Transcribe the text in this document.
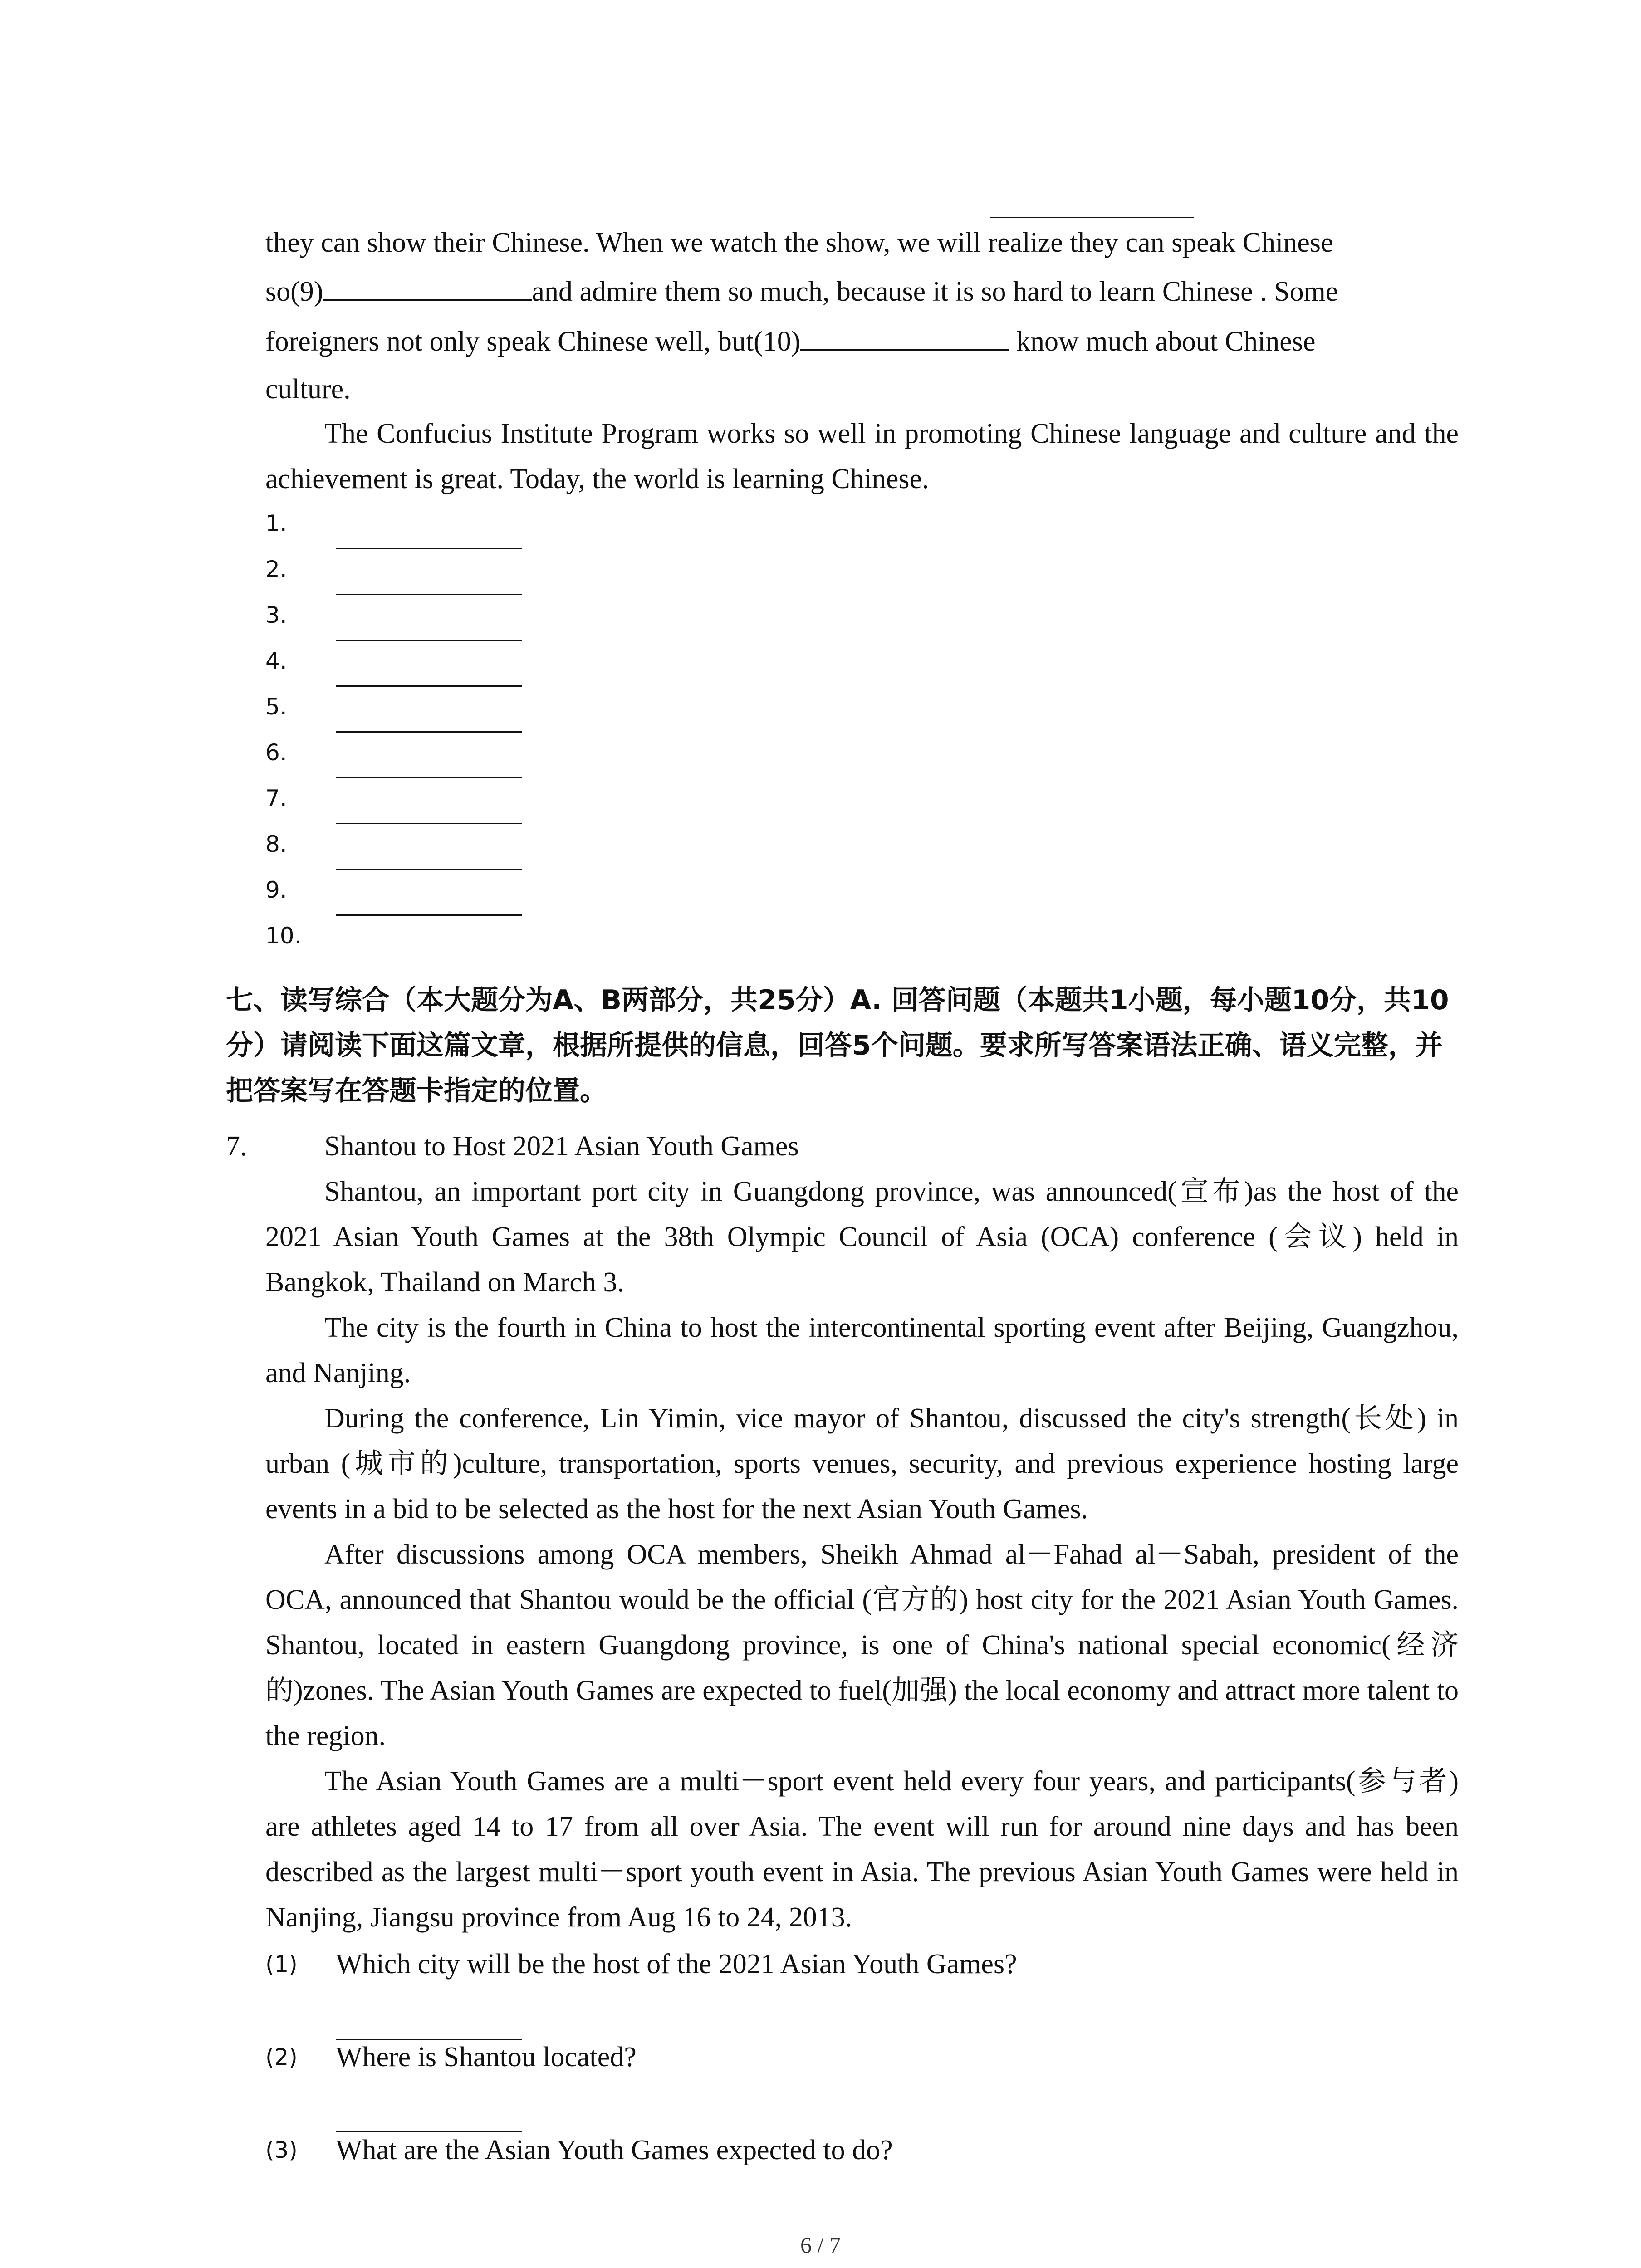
they can show their Chinese. When we watch the show, we will realize they can speak Chinese
so(9)	and admire them so much, because it is so hard to learn Chinese . Some
foreigners not only speak Chinese well, but(10)	know much about Chinese
culture.
The Confucius Institute Program works so well in promoting Chinese language and culture and the achievement is great. Today, the world is learning Chinese.
1.
2.
3.
4.
5.
6.
7.
8.
9.
10.
七、读写综合（本大题分为A、B两部分，共25分）A. 回答问题（本题共1小题，每小题10分，共10分）请阅读下面这篇文章，根据所提供的信息，回答5个问题。要求所写答案语法正确、语义完整，并把答案写在答题卡指定的位置。
7.	Shantou to Host 2021 Asian Youth Games
Shantou, an important port city in Guangdong province, was announced(宣布)as the host of the 2021 Asian Youth Games at the 38th Olympic Council of Asia (OCA) conference (会议) held in Bangkok, Thailand on March 3.
The city is the fourth in China to host the intercontinental sporting event after Beijing, Guangzhou, and Nanjing.
During the conference, Lin Yimin, vice mayor of Shantou, discussed the city's strength(长处) in urban (城市的)culture, transportation, sports venues, security, and previous experience hosting large events in a bid to be selected as the host for the next Asian Youth Games.
After discussions among OCA members, Sheikh Ahmad al－Fahad al－Sabah, president of the OCA, announced that Shantou would be the official (官方的) host city for the 2021 Asian Youth Games. Shantou, located in eastern Guangdong province, is one of China's national special economic(经济的)zones. The Asian Youth Games are expected to fuel(加强) the local economy and attract more talent to the region.
The Asian Youth Games are a multi－sport event held every four years, and participants(参与者) are athletes aged 14 to 17 from all over Asia. The event will run for around nine days and has been described as the largest multi－sport youth event in Asia. The previous Asian Youth Games were held in Nanjing, Jiangsu province from Aug 16 to 24, 2013.
(1) Which city will be the host of the 2021 Asian Youth Games?
(2) Where is Shantou located?
(3) What are the Asian Youth Games expected to do?
6 / 7
